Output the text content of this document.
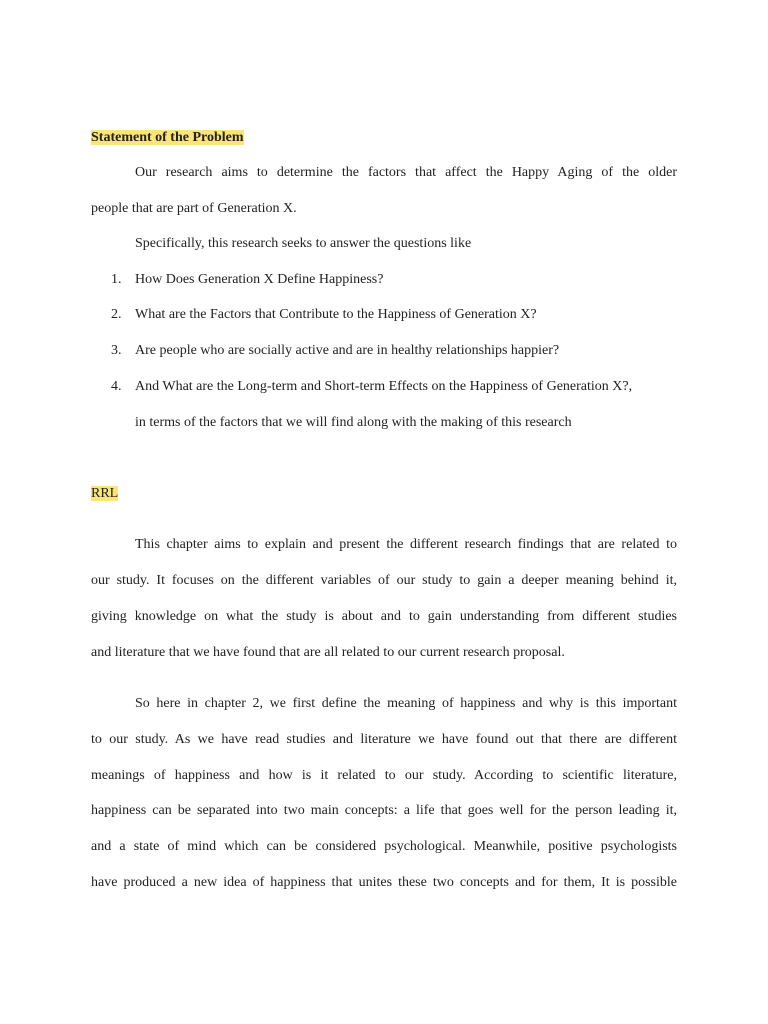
Statement of the Problem
Our research aims to determine the factors that affect the Happy Aging of the older
people that are part of Generation X.
Specifically, this research seeks to answer the questions like
1. How Does Generation X Define Happiness?
2. What are the Factors that Contribute to the Happiness of Generation X?
3. Are people who are socially active and are in healthy relationships happier?
4. And What are the Long-term and Short-term Effects on the Happiness of Generation X?,
in terms of the factors that we will find along with the making of this research
RRL
This chapter aims to explain and present the different research findings that are related to
our study. It focuses on the different variables of our study to gain a deeper meaning behind it,
giving knowledge on what the study is about and to gain understanding from different studies
and literature that we have found that are all related to our current research proposal.
So here in chapter 2, we first define the meaning of happiness and why is this important
to our study. As we have read studies and literature we have found out that there are different
meanings of happiness and how is it related to our study. According to scientific literature,
happiness can be separated into two main concepts: a life that goes well for the person leading it,
and a state of mind which can be considered psychological. Meanwhile, positive psychologists
have produced a new idea of happiness that unites these two concepts and for them, It is possible
